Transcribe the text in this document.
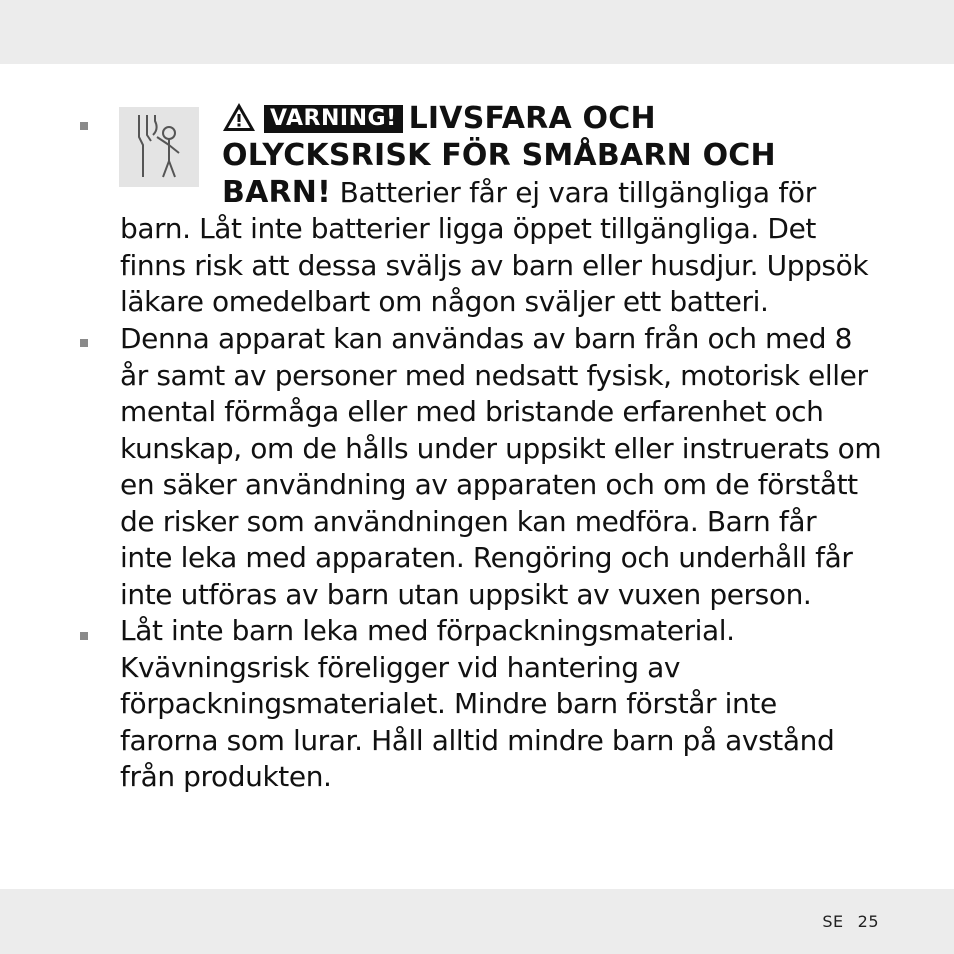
VARNING! LIVSFARA OCH
OLYCKSRISK FÖR SMÅBARN OCH
BARN! Batterier får ej vara tillgängliga för
barn. Låt inte batterier ligga öppet tillgängliga. Det
finns risk att dessa sväljs av barn eller husdjur. Uppsök
läkare omedelbart om någon sväljer ett batteri.
Denna apparat kan användas av barn från och med 8
år samt av personer med nedsatt fysisk, motorisk eller
mental förmåga eller med bristande erfarenhet och
kunskap, om de hålls under uppsikt eller instruerats om
en säker användning av apparaten och om de förstått
de risker som användningen kan medföra. Barn får
inte leka med apparaten. Rengöring och underhåll får
inte utföras av barn utan uppsikt av vuxen person.
Låt inte barn leka med förpackningsmaterial.
Kvävningsrisk föreligger vid hantering av
förpackningsmaterialet. Mindre barn förstår inte
farorna som lurar. Håll alltid mindre barn på avstånd
från produkten.
SE 25
